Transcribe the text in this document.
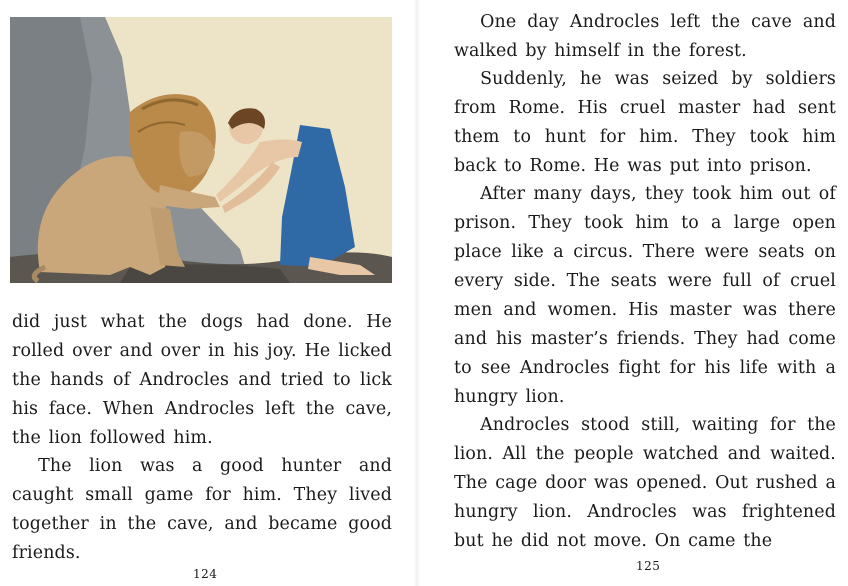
did just what the dogs had done. He rolled over and over in his joy. He licked the hands of Androcles and tried to lick his face. When Androcles left the cave, the lion followed him.

The lion was a good hunter and caught small game for him. They lived together in the cave, and became good friends.

124

One day Androcles left the cave and walked by himself in the forest.

Suddenly, he was seized by soldiers from Rome. His cruel master had sent them to hunt for him. They took him back to Rome. He was put into prison.

After many days, they took him out of prison. They took him to a large open place like a circus. There were seats on every side. The seats were full of cruel men and women. His master was there and his master’s friends. They had come to see Androcles fight for his life with a hungry lion.

Androcles stood still, waiting for the lion. All the people watched and waited. The cage door was opened. Out rushed a hungry lion. Androcles was frightened but he did not move. On came the

125
